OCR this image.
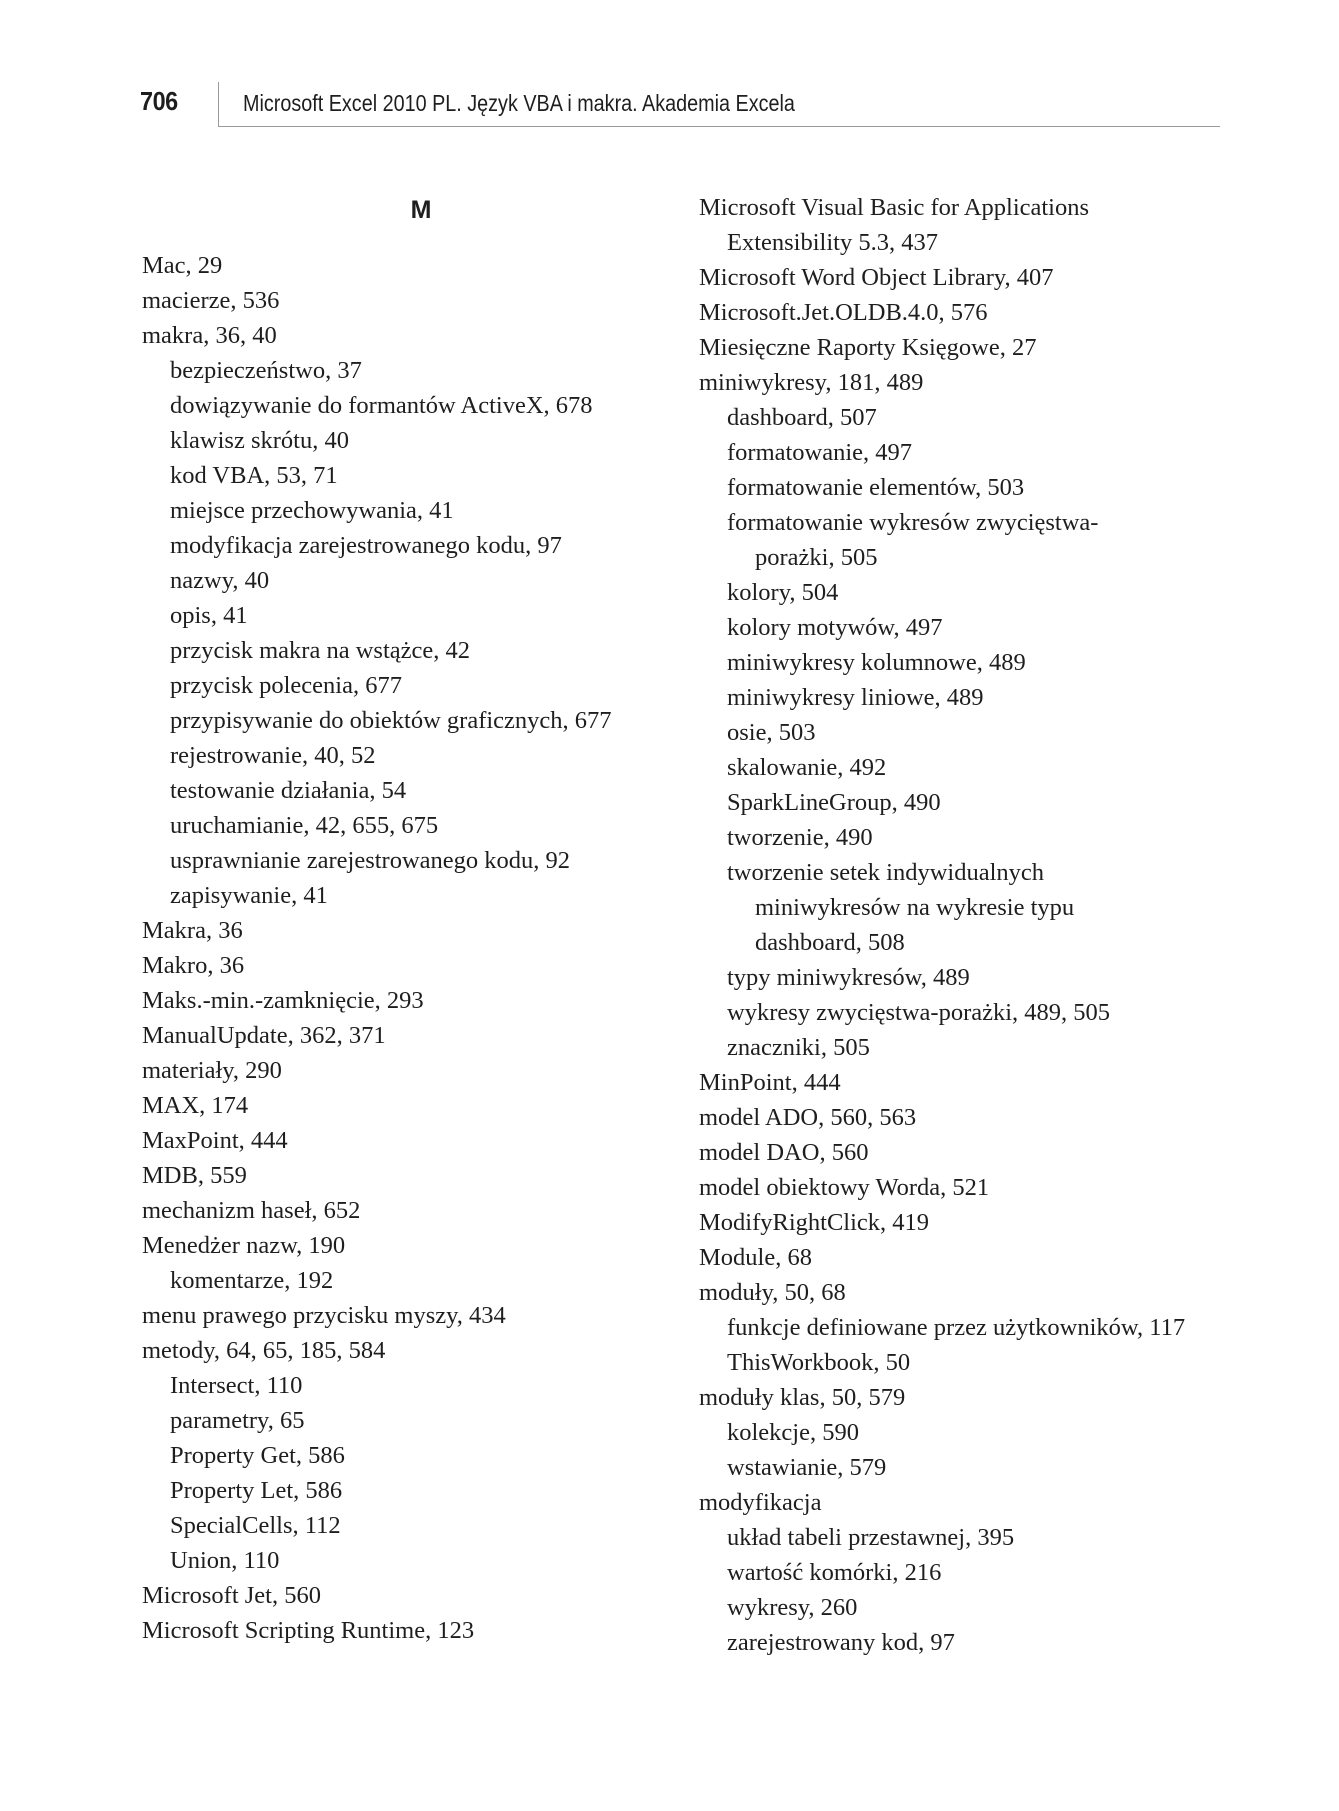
706	Microsoft Excel 2010 PL. Język VBA i makra. Akademia Excela
M
Mac, 29
macierze, 536
makra, 36, 40
bezpieczeństwo, 37
dowiązywanie do formantów ActiveX, 678
klawisz skrótu, 40
kod VBA, 53, 71
miejsce przechowywania, 41
modyfikacja zarejestrowanego kodu, 97
nazwy, 40
opis, 41
przycisk makra na wstążce, 42
przycisk polecenia, 677
przypisywanie do obiektów graficznych, 677
rejestrowanie, 40, 52
testowanie działania, 54
uruchamianie, 42, 655, 675
usprawnianie zarejestrowanego kodu, 92
zapisywanie, 41
Makra, 36
Makro, 36
Maks.-min.-zamknięcie, 293
ManualUpdate, 362, 371
materiały, 290
MAX, 174
MaxPoint, 444
MDB, 559
mechanizm haseł, 652
Menedżer nazw, 190
komentarze, 192
menu prawego przycisku myszy, 434
metody, 64, 65, 185, 584
Intersect, 110
parametry, 65
Property Get, 586
Property Let, 586
SpecialCells, 112
Union, 110
Microsoft Jet, 560
Microsoft Scripting Runtime, 123
Microsoft Visual Basic for Applications
Extensibility 5.3, 437
Microsoft Word Object Library, 407
Microsoft.Jet.OLDB.4.0, 576
Miesięczne Raporty Księgowe, 27
miniwykresy, 181, 489
dashboard, 507
formatowanie, 497
formatowanie elementów, 503
formatowanie wykresów zwycięstwa-
porażki, 505
kolory, 504
kolory motywów, 497
miniwykresy kolumnowe, 489
miniwykresy liniowe, 489
osie, 503
skalowanie, 492
SparkLineGroup, 490
tworzenie, 490
tworzenie setek indywidualnych
miniwykresów na wykresie typu
dashboard, 508
typy miniwykresów, 489
wykresy zwycięstwa-porażki, 489, 505
znaczniki, 505
MinPoint, 444
model ADO, 560, 563
model DAO, 560
model obiektowy Worda, 521
ModifyRightClick, 419
Module, 68
moduły, 50, 68
funkcje definiowane przez użytkowników, 117
ThisWorkbook, 50
moduły klas, 50, 579
kolekcje, 590
wstawianie, 579
modyfikacja
układ tabeli przestawnej, 395
wartość komórki, 216
wykresy, 260
zarejestrowany kod, 97
